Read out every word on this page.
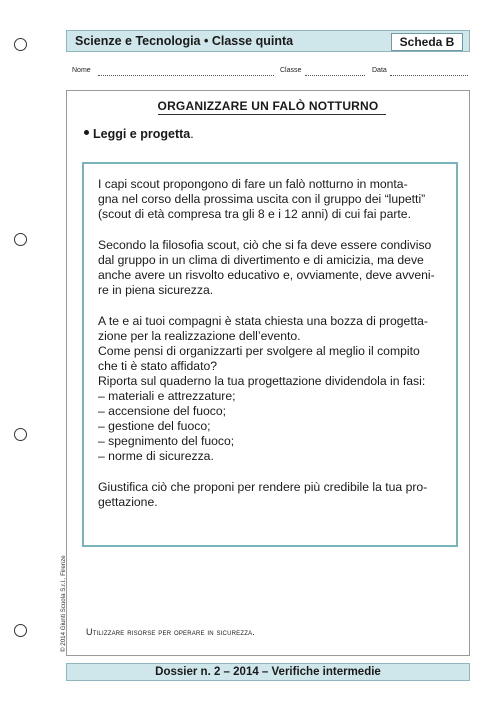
Scienze e Tecnologia • Classe quinta	Scheda B
Nome	Classe	Data
ORGANIZZARE UN FALÒ NOTTURNO
Leggi e progetta.

I capi scout propongono di fare un falò notturno in monta-
gna nel corso della prossima uscita con il gruppo dei “lupetti”
(scout di età compresa tra gli 8 e i 12 anni) di cui fai parte.

Secondo la filosofia scout, ciò che si fa deve essere condiviso
dal gruppo in un clima di divertimento e di amicizia, ma deve
anche avere un risvolto educativo e, ovviamente, deve avveni-
re in piena sicurezza.

A te e ai tuoi compagni è stata chiesta una bozza di progetta-
zione per la realizzazione dell’evento.
Come pensi di organizzarti per svolgere al meglio il compito
che ti è stato affidato?
Riporta sul quaderno la tua progettazione dividendola in fasi:

– materiali e attrezzature;
– accensione del fuoco;
– gestione del fuoco;
– spegnimento del fuoco;
– norme di sicurezza.

Giustifica ciò che proponi per rendere più credibile la tua pro-
gettazione.

Utilizzare risorse per operare in sicurezza.
© 2014 Giunti Scuola S.r.l., Firenze
Dossier n. 2 – 2014 – Verifiche intermedie
